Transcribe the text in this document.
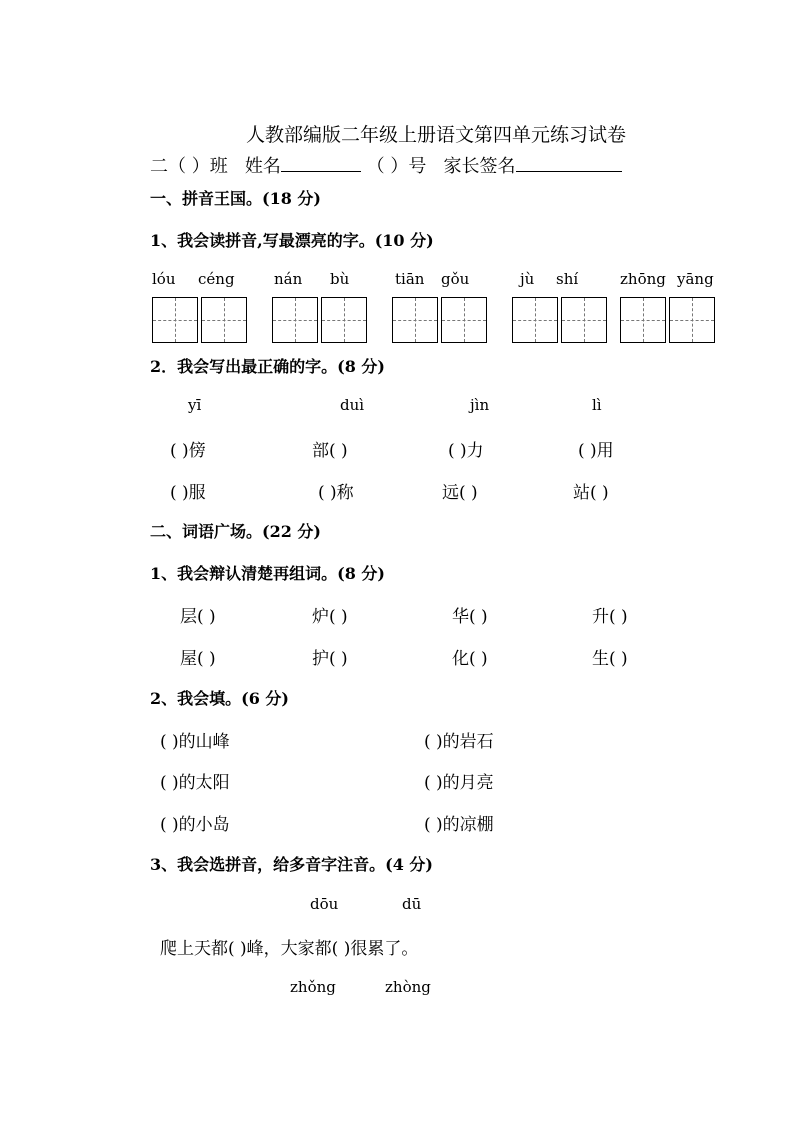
人教部编版二年级上册语文第四单元练习试卷
二（ ）班 姓名	（ ）号 家长签名
一、拼音王国。(18 分)
1、我会读拼音,写最漂亮的字。(10 分)
lóu céng	nán bù	tiān gǒu	jù shí	zhōng yāng
2．我会写出最正确的字。(8 分)
yī	duì	jìn	lì
( )傍	部( )	( )力	( )用
( )服	( )称	远( )	站( )
二、词语广场。(22 分)
1、我会辩认清楚再组词。(8 分)
层( )	炉( )	华( )	升( )
屋( )	护( )	化( )	生( )
2、我会填。(6 分)
( )的山峰	( )的岩石
( )的太阳	( )的月亮
( )的小岛	( )的凉棚
3、我会选拼音，给多音字注音。(4 分)
dōu	dū
爬上天都( )峰，大家都( )很累了。
zhǒng	zhòng
